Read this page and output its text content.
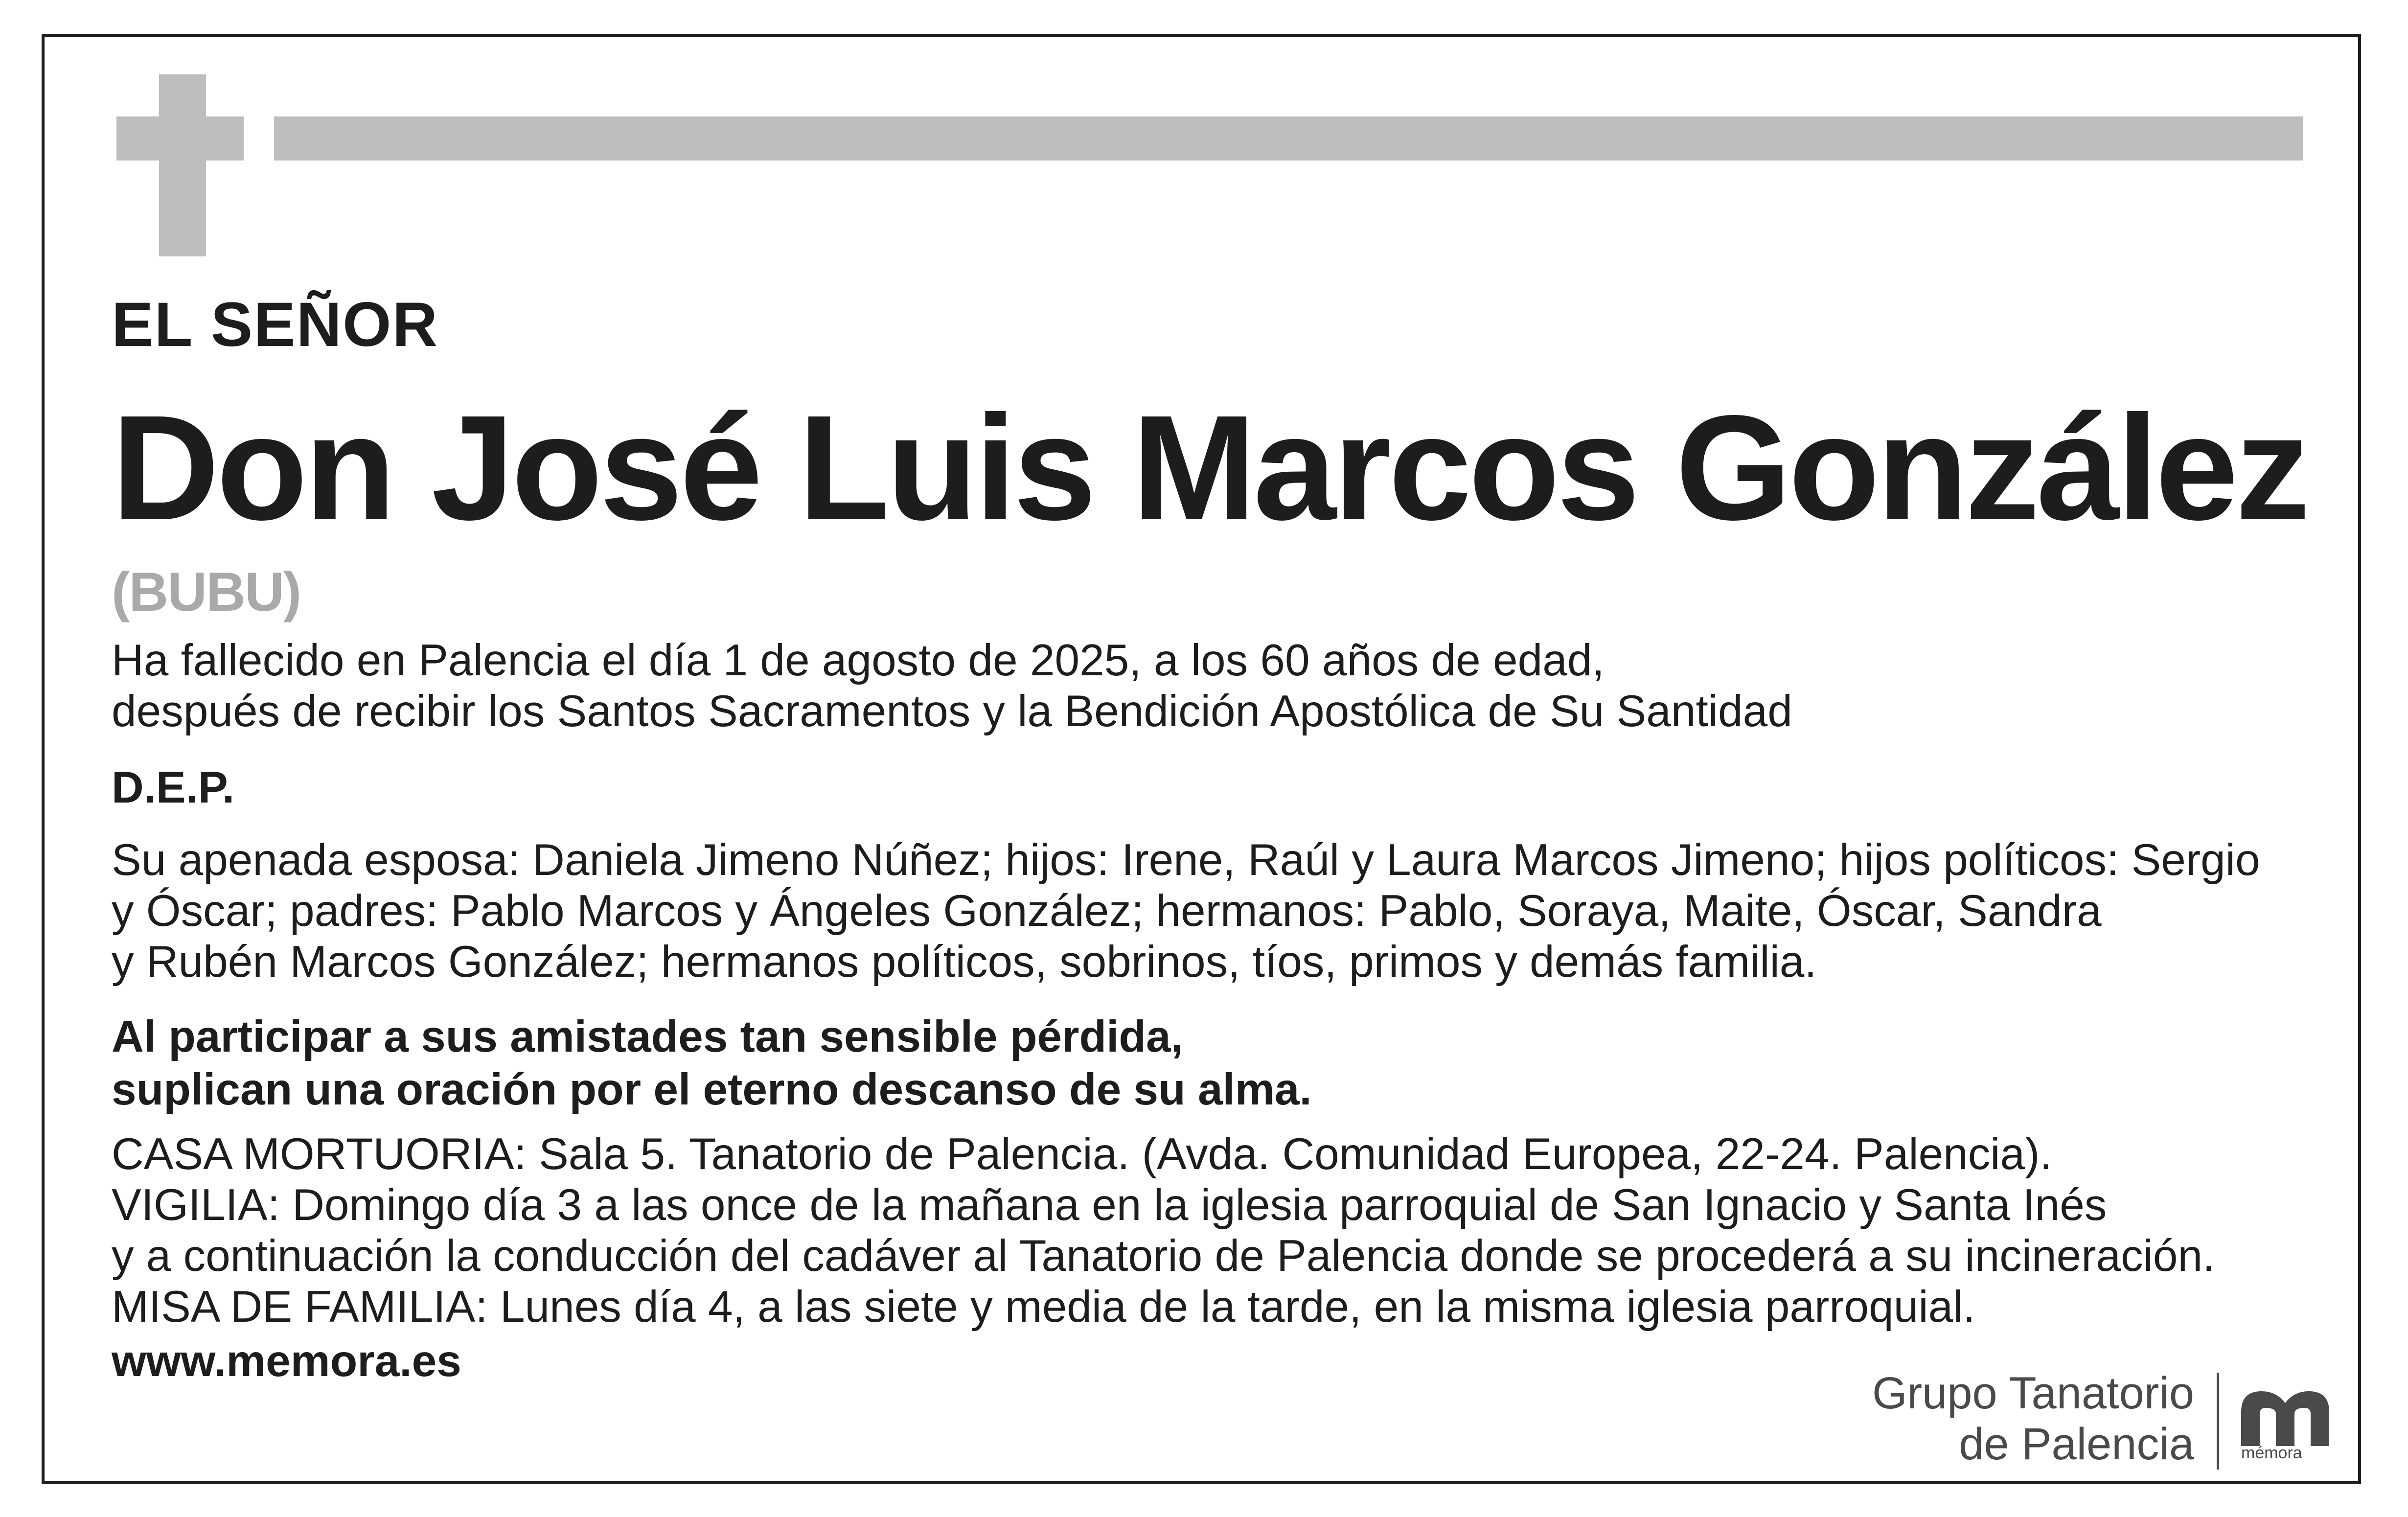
EL SEÑOR
Don José Luis Marcos González
(BUBU)
Ha fallecido en Palencia el día 1 de agosto de 2025, a los 60 años de edad,
después de recibir los Santos Sacramentos y la Bendición Apostólica de Su Santidad
D.E.P.
Su apenada esposa: Daniela Jimeno Núñez; hijos: Irene, Raúl y Laura Marcos Jimeno; hijos políticos: Sergio
y Óscar; padres: Pablo Marcos y Ángeles González; hermanos: Pablo, Soraya, Maite, Óscar, Sandra
y Rubén Marcos González; hermanos políticos, sobrinos, tíos, primos y demás familia.
Al participar a sus amistades tan sensible pérdida,
suplican una oración por el eterno descanso de su alma.
CASA MORTUORIA: Sala 5. Tanatorio de Palencia. (Avda. Comunidad Europea, 22-24. Palencia).
VIGILIA: Domingo día 3 a las once de la mañana en la iglesia parroquial de San Ignacio y Santa Inés
y a continuación la conducción del cadáver al Tanatorio de Palencia donde se procederá a su incineración.
MISA DE FAMILIA: Lunes día 4, a las siete y media de la tarde, en la misma iglesia parroquial.
www.memora.es
Grupo Tanatorio
de Palencia	mémora
